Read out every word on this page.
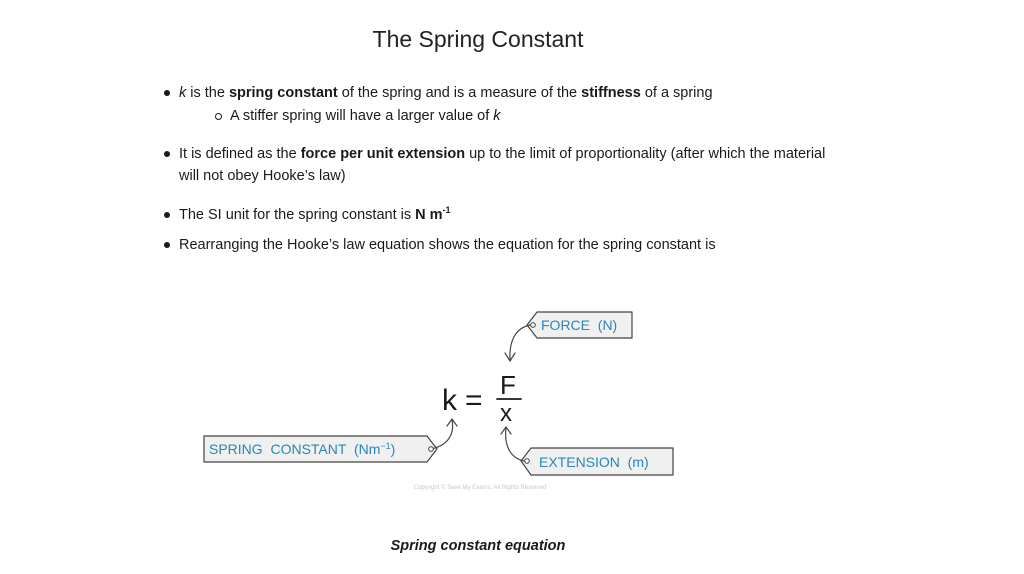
The Spring Constant
k is the spring constant of the spring and is a measure of the stiffness of a spring
A stiffer spring will have a larger value of k
It is defined as the force per unit extension up to the limit of proportionality (after which the material will not obey Hooke’s law)
The SI unit for the spring constant is N $m^{-1}$
Rearranging the Hooke’s law equation shows the equation for the spring constant is
k = F
x
FORCE  (N)
SPRING  CONSTANT  $(Nm^{-1})$
EXTENSION  (m)
Copyright © Save My Exams. All Rights Reserved
Spring constant equation
